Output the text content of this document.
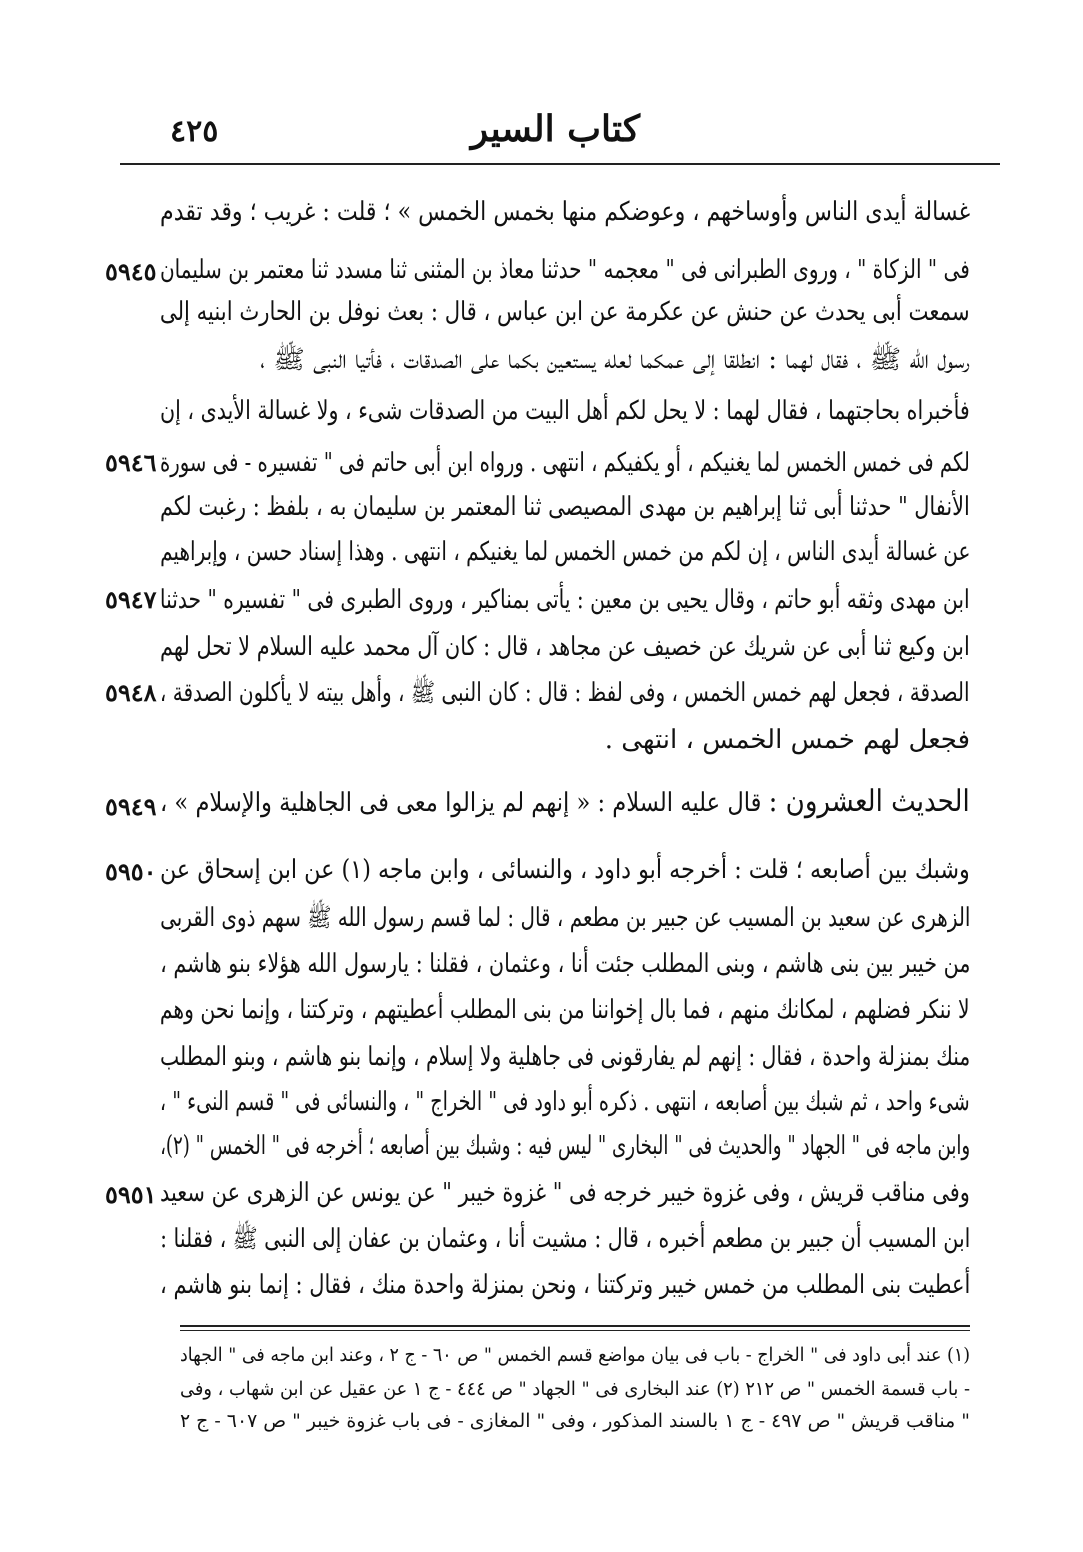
كتاب السير
٤٢٥
غسالة أيدى الناس وأوساخهم ، وعوضكم منها بخمس الخمس » ؛ قلت : غريب ؛ وقد تقدم
فى " الزكاة " ، وروى الطبرانى فى " معجمه " حدثنا معاذ بن المثنى ثنا مسدد ثنا معتمر بن سليمان
٥٩٤٥
سمعت أبى يحدث عن حنش عن عكرمة عن ابن عباس ، قال : بعث نوفل بن الحارث ابنيه إلى
رسول الله ﷺ ، فقال لهما : انطلقا إلى عمكما لعله يستعين بكما على الصدقات ، فأتيا النبى ﷺ ،
فأخبراه بحاجتهما ، فقال لهما : لا يحل لكم أهل البيت من الصدقات شىء ، ولا غسالة الأيدى ، إن
لكم فى خمس الخمس لما يغنيكم ، أو يكفيكم ، انتهى . ورواه ابن أبى حاتم فى " تفسيره - فى سورة
٥٩٤٦
الأنفال " حدثنا أبى ثنا إبراهيم بن مهدى المصيصى ثنا المعتمر بن سليمان به ، بلفظ : رغبت لكم
عن غسالة أيدى الناس ، إن لكم من خمس الخمس لما يغنيكم ، انتهى . وهذا إسناد حسن ، وإبراهيم
ابن مهدى وثقه أبو حاتم ، وقال يحيى بن معين : يأتى بمناكير ، وروى الطبرى فى " تفسيره " حدثنا
٥٩٤٧
ابن وكيع ثنا أبى عن شريك عن خصيف عن مجاهد ، قال : كان آل محمد عليه السلام لا تحل لهم
الصدقة ، فجعل لهم خمس الخمس ، وفى لفظ : قال : كان النبى ﷺ ، وأهل بيته لا يأكلون الصدقة ،
٥٩٤٨
فجعل لهم خمس الخمس ، انتهى .
الحديث العشرون : قال عليه السلام : « إنهم لم يزالوا معى فى الجاهلية والإسلام » ،
٥٩٤٩
وشبك بين أصابعه ؛ قلت : أخرجه أبو داود ، والنسائى ، وابن ماجه (١) عن ابن إسحاق عن
٥٩٥٠
الزهرى عن سعيد بن المسيب عن جبير بن مطعم ، قال : لما قسم رسول الله ﷺ سهم ذوى القربى
من خيبر بين بنى هاشم ، وبنى المطلب جئت أنا ، وعثمان ، فقلنا : يارسول الله هؤلاء بنو هاشم ،
لا ننكر فضلهم ، لمكانك منهم ، فما بال إخواننا من بنى المطلب أعطيتهم ، وتركتنا ، وإنما نحن وهم
منك بمنزلة واحدة ، فقال : إنهم لم يفارقونى فى جاهلية ولا إسلام ، وإنما بنو هاشم ، وبنو المطلب
شىء واحد ، ثم شبك بين أصابعه ، انتهى . ذكره أبو داود فى " الخراج " ، والنسائى فى " قسم النىء " ،
وابن ماجه فى " الجهاد " والحديث فى " البخارى " ليس فيه : وشبك بين أصابعه ؛ أخرجه فى " الخمس " (٢)،
وفى مناقب قريش ، وفى غزوة خيبر خرجه فى " غزوة خيبر " عن يونس عن الزهرى عن سعيد
٥٩٥١
ابن المسيب أن جبير بن مطعم أخبره ، قال : مشيت أنا ، وعثمان بن عفان إلى النبى ﷺ ، فقلنا :
أعطيت بنى المطلب من خمس خيبر وتركتنا ، ونحن بمنزلة واحدة منك ، فقال : إنما بنو هاشم ،
(١) عند أبى داود فى " الخراج - باب فى بيان مواضع قسم الخمس " ص ٦٠ - ج ٢ ، وعند ابن ماجه فى " الجهاد
- باب قسمة الخمس " ص ٢١٢ (٢) عند البخارى فى " الجهاد " ص ٤٤٤ - ج ١ عن عقيل عن ابن شهاب ، وفى
" مناقب قريش " ص ٤٩٧ - ج ١ بالسند المذكور ، وفى " المغازى - فى باب غزوة خيبر " ص ٦٠٧ - ج ٢
